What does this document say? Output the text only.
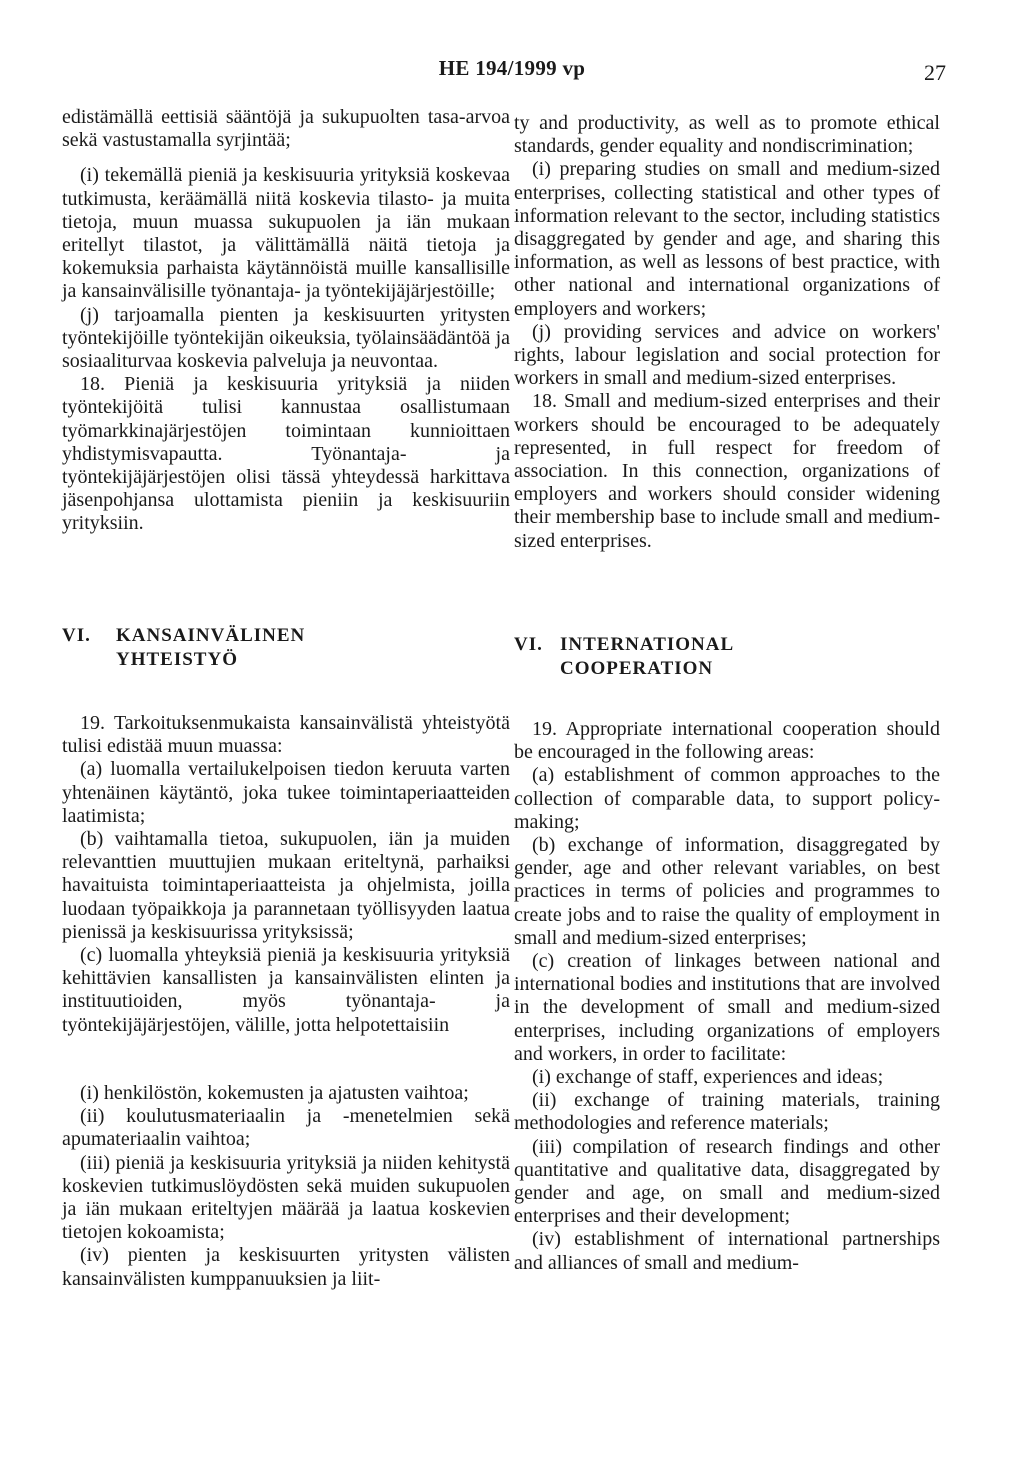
HE 194/1999 vp	27

edistämällä eettisiä sääntöjä ja sukupuolten tasa-arvoa sekä vastustamalla syrjintää;

(i) tekemällä pieniä ja keskisuuria yrityksiä koskevaa tutkimusta, keräämällä niitä koskevia tilasto- ja muita tietoja, muun muassa sukupuolen ja iän mukaan eritellyt tilastot, ja välittämällä näitä tietoja ja kokemuksia parhaista käytännöistä muille kansallisille ja kansainvälisille työnantaja- ja työntekijäjärjestöille;

(j) tarjoamalla pienten ja keskisuurten yritysten työntekijöille työntekijän oikeuksia, työlainsäädäntöä ja sosiaaliturvaa koskevia palveluja ja neuvontaa.

18. Pieniä ja keskisuuria yrityksiä ja niiden työntekijöitä tulisi kannustaa osallistumaan työmarkkinajärjestöjen toimintaan kunnioittaen yhdistymisvapautta. Työnantaja- ja työntekijäjärjestöjen olisi tässä yhteydessä harkittava jäsenpohjansa ulottamista pieniin ja keskisuuriin yrityksiin.

VI. KANSAINVÄLINEN
YHTEISTYÖ

19. Tarkoituksenmukaista kansainvälistä yhteistyötä tulisi edistää muun muassa:

(a) luomalla vertailukelpoisen tiedon keruuta varten yhtenäinen käytäntö, joka tukee toimintaperiaatteiden laatimista;

(b) vaihtamalla tietoa, sukupuolen, iän ja muiden relevanttien muuttujien mukaan eriteltynä, parhaiksi havaituista toimintaperiaatteista ja ohjelmista, joilla luodaan työpaikkoja ja parannetaan työllisyyden laatua pienissä ja keskisuurissa yrityksissä;

(c) luomalla yhteyksiä pieniä ja keskisuuria yrityksiä kehittävien kansallisten ja kansainvälisten elinten ja instituutioiden, myös työnantaja- ja työntekijäjärjestöjen, välille, jotta helpotettaisiin

(i) henkilöstön, kokemusten ja ajatusten vaihtoa;

(ii) koulutusmateriaalin ja -menetelmien sekä apumateriaalin vaihtoa;

(iii) pieniä ja keskisuuria yrityksiä ja niiden kehitystä koskevien tutkimuslöydösten sekä muiden sukupuolen ja iän mukaan eriteltyjen määrää ja laatua koskevien tietojen kokoamista;

(iv) pienten ja keskisuurten yritysten välisten kansainvälisten kumppanuuksien ja liit-

ty and productivity, as well as to promote ethical standards, gender equality and nondiscrimination;

(i) preparing studies on small and medium-sized enterprises, collecting statistical and other types of information relevant to the sector, including statistics disaggregated by gender and age, and sharing this information, as well as lessons of best practice, with other national and international organizations of employers and workers;

(j) providing services and advice on workers' rights, labour legislation and social protection for workers in small and medium-sized enterprises.

18. Small and medium-sized enterprises and their workers should be encouraged to be adequately represented, in full respect for freedom of association. In this connection, organizations of employers and workers should consider widening their membership base to include small and medium-sized enterprises.

VI. INTERNATIONAL
COOPERATION

19. Appropriate international cooperation should be encouraged in the following areas:

(a) establishment of common approaches to the collection of comparable data, to support policy-making;

(b) exchange of information, disaggregated by gender, age and other relevant variables, on best practices in terms of policies and programmes to create jobs and to raise the quality of employment in small and medium-sized enterprises;

(c) creation of linkages between national and international bodies and institutions that are involved in the development of small and medium-sized enterprises, including organizations of employers and workers, in order to facilitate:

(i) exchange of staff, experiences and ideas;

(ii) exchange of training materials, training methodologies and reference materials;

(iii) compilation of research findings and other quantitative and qualitative data, disaggregated by gender and age, on small and medium-sized enterprises and their development;

(iv) establishment of international partnerships and alliances of small and medium-
